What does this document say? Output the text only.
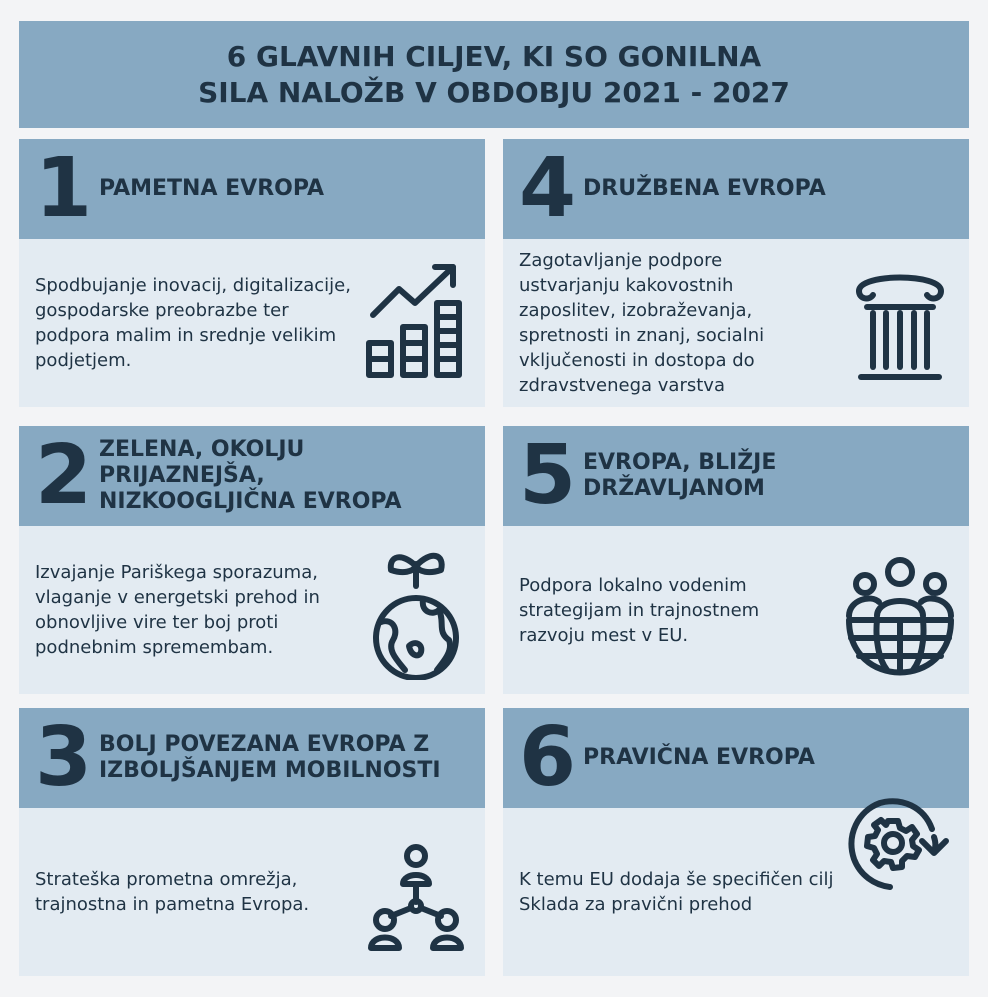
6 GLAVNIH CILJEV, KI SO GONILNA
SILA NALOŽB V OBDOBJU 2021 - 2027
1 PAMETNA EVROPA
Spodbujanje inovacij, digitalizacije, gospodarske preobrazbe ter podpora malim in srednje velikim podjetjem.
2 ZELENA, OKOLJU PRIJAZNEJŠA,
NIZKOOGLJIČNA EVROPA
Izvajanje Pariškega sporazuma, vlaganje v energetski prehod in obnovljive vire ter boj proti podnebnim spremembam.
3 BOLJ POVEZANA EVROPA Z
IZBOLJŠANJEM MOBILNOSTI
Strateška prometna omrežja, trajnostna in pametna Evropa.
4 DRUŽBENA EVROPA
Zagotavljanje podpore ustvarjanju kakovostnih zaposlitev, izobraževanja, spretnosti in znanj, socialni vključenosti in dostopa do zdravstvenega varstva
5 EVROPA, BLIŽJE
DRŽAVLJANOM
Podpora lokalno vodenim strategijam in trajnostnem razvoju mest v EU.
6 PRAVIČNA EVROPA
K temu EU dodaja še specifičen cilj Sklada za pravični prehod
